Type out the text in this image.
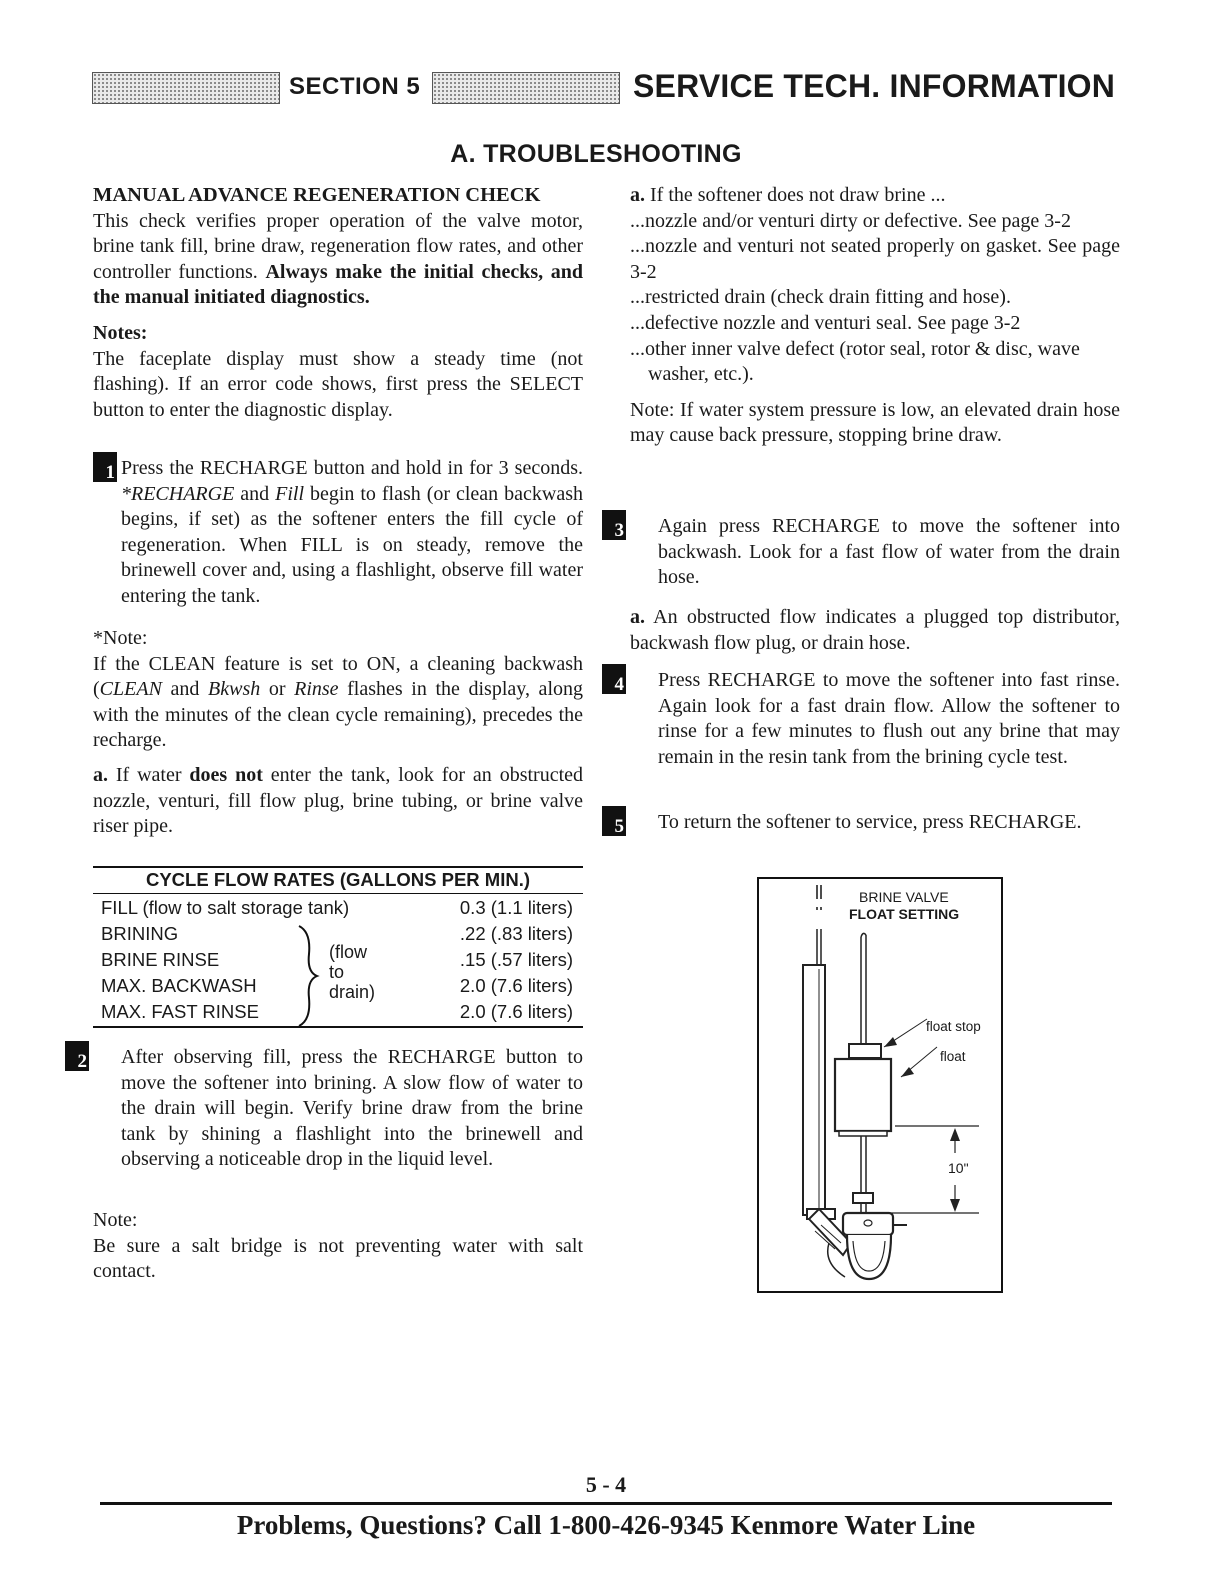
SECTION 5	SERVICE TECH. INFORMATION
A. TROUBLESHOOTING

MANUAL ADVANCE REGENERATION CHECK

This check verifies proper operation of the valve motor, brine tank fill, brine draw, regeneration flow rates, and other controller functions. Always make the initial checks, and the manual initiated diagnostics.

Notes:

The faceplate display must show a steady time (not flashing). If an error code shows, first press the SELECT button to enter the diagnostic display.

1 Press the RECHARGE button and hold in for 3 seconds. *RECHARGE and Fill begin to flash (or clean backwash begins, if set) as the softener enters the fill cycle of regeneration. When FILL is on steady, remove the brinewell cover and, using a flashlight, observe fill water entering the tank.

*Note:

If the CLEAN feature is set to ON, a cleaning backwash (CLEAN and Bkwsh or Rinse flashes in the display, along with the minutes of the clean cycle remaining), precedes the recharge.

a. If water does not enter the tank, look for an obstructed nozzle, venturi, fill flow plug, brine tubing, or brine valve riser pipe.

CYCLE FLOW RATES (GALLONS PER MIN.)
FILL (flow to salt storage tank)	0.3 (1.1 liters)
BRINING	.22 (.83 liters)
BRINE RINSE	.15 (.57 liters)
MAX. BACKWASH	2.0 (7.6 liters)
MAX. FAST RINSE	2.0 (7.6 liters)
(flow
to
drain)
2 After observing fill, press the RECHARGE button to move the softener into brining. A slow flow of water to the drain will begin. Verify brine draw from the brine tank by shining a flashlight into the brinewell and observing a noticeable drop in the liquid level.

Note:

Be sure a salt bridge is not preventing water with salt contact.

a. If the softener does not draw brine ...

...nozzle and/or venturi dirty or defective. See page 3-2

...nozzle and venturi not seated properly on gasket. See page 3-2

...restricted drain (check drain fitting and hose).

...defective nozzle and venturi seal. See page 3-2

...other inner valve defect (rotor seal, rotor & disc, wave washer, etc.).

Note: If water system pressure is low, an elevated drain hose may cause back pressure, stopping brine draw.

3 Again press RECHARGE to move the softener into backwash. Look for a fast flow of water from the drain hose.

a. An obstructed flow indicates a plugged top distributor, backwash flow plug, or drain hose.

4 Press RECHARGE to move the softener into fast rinse. Again look for a fast drain flow. Allow the softener to rinse for a few minutes to flush out any brine that may remain in the resin tank from the brining cycle test.
5 To return the softener to service, press RECHARGE.
BRINE VALVE
FLOAT SETTING
float stop
float
10"
5 - 4
Problems, Questions? Call 1-800-426-9345 Kenmore Water Line
